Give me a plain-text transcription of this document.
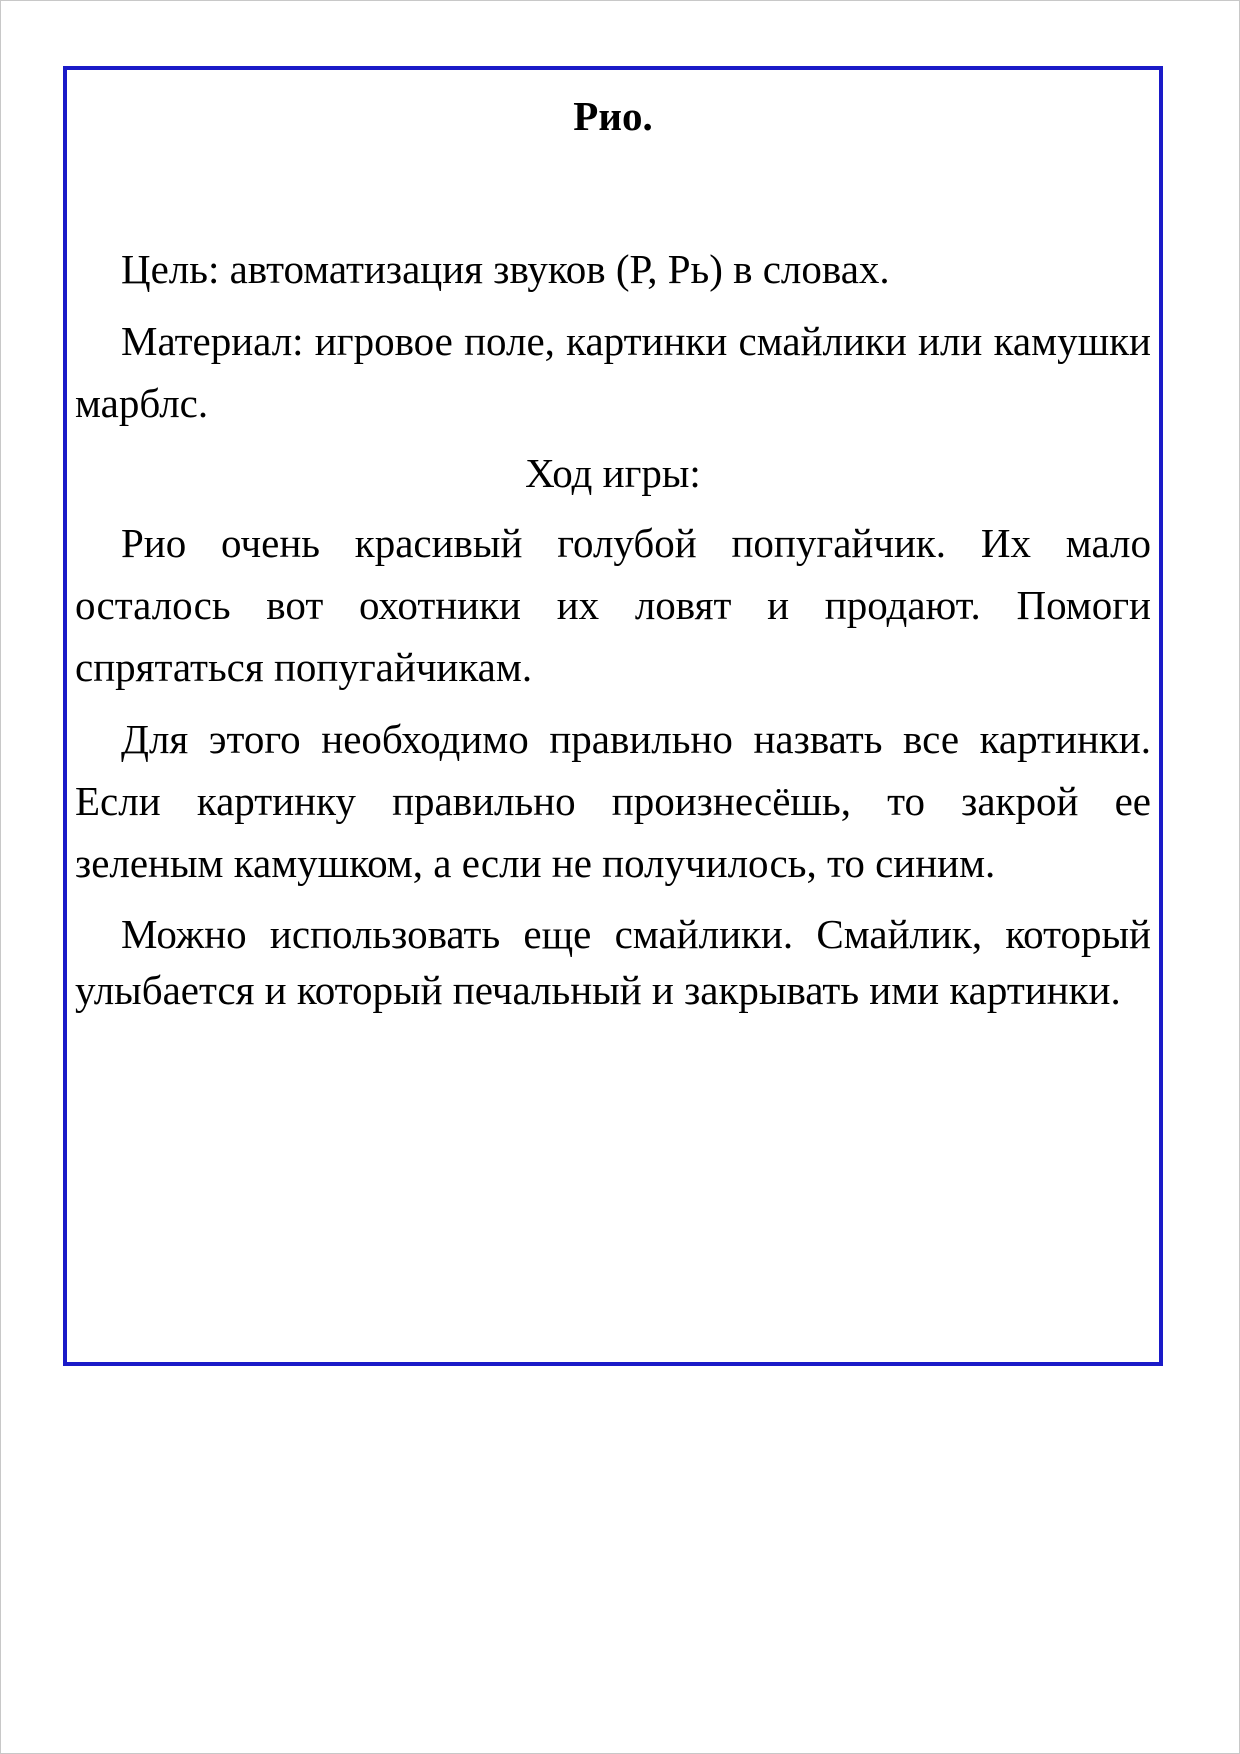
Рио.

Цель: автоматизация звуков (Р, Рь) в словах.

Материал: игровое поле, картинки смайлики или камушки марблс.

Ход игры:

Рио очень красивый голубой попугайчик. Их мало осталось вот охотники их ловят и продают. Помоги спрятаться попугайчикам.

Для этого необходимо правильно назвать все картинки. Если картинку правильно произнесёшь, то закрой ее зеленым камушком, а если не получилось, то синим.

Можно использовать еще смайлики. Смайлик, который улыбается и который печальный и закрывать ими картинки.
